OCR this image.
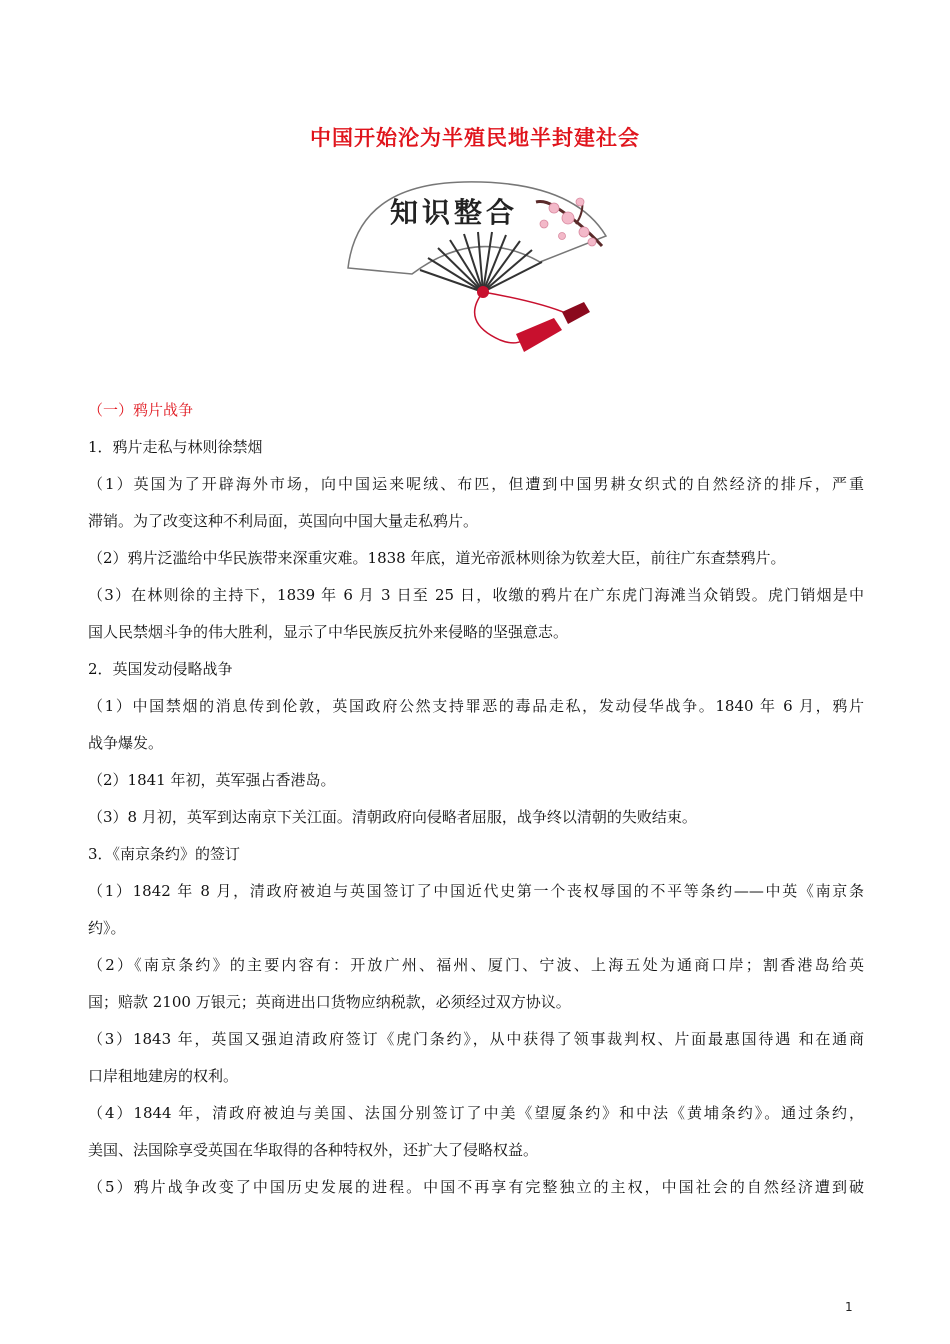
中国开始沦为半殖民地半封建社会
知识整合
（一）鸦片战争
1．鸦片走私与林则徐禁烟
（1）英国为了开辟海外市场，向中国运来呢绒、布匹，但遭到中国男耕女织式的自然经济的排斥，严重
滞销。为了改变这种不利局面，英国向中国大量走私鸦片。
（2）鸦片泛滥给中华民族带来深重灾难。1838 年底，道光帝派林则徐为钦差大臣，前往广东查禁鸦片。
（3）在林则徐的主持下，1839 年 6 月 3 日至 25 日，收缴的鸦片在广东虎门海滩当众销毁。虎门销烟是中
国人民禁烟斗争的伟大胜利，显示了中华民族反抗外来侵略的坚强意志。
2．英国发动侵略战争
（1）中国禁烟的消息传到伦敦，英国政府公然支持罪恶的毒品走私，发动侵华战争。1840 年 6 月，鸦片
战争爆发。
（2）1841 年初，英军强占香港岛。
（3）8 月初，英军到达南京下关江面。清朝政府向侵略者屈服，战争终以清朝的失败结束。
3．《南京条约》的签订
（1）1842 年 8 月，清政府被迫与英国签订了中国近代史第一个丧权辱国的不平等条约——中英《南京条
约》。
（2）《南京条约》的主要内容有：开放广州、福州、厦门、宁波、上海五处为通商口岸；割香港岛给英
国；赔款 2100 万银元；英商进出口货物应纳税款，必须经过双方协议。
（3）1843 年，英国又强迫清政府签订《虎门条约》，从中获得了领事裁判权、片面最惠国待遇 和在通商
口岸租地建房的权利。
（4）1844 年，清政府被迫与美国、法国分别签订了中美《望厦条约》和中法《黄埔条约》。通过条约，
美国、法国除享受英国在华取得的各种特权外，还扩大了侵略权益。
（5）鸦片战争改变了中国历史发展的进程。中国不再享有完整独立的主权，中国社会的自然经济遭到破
1
